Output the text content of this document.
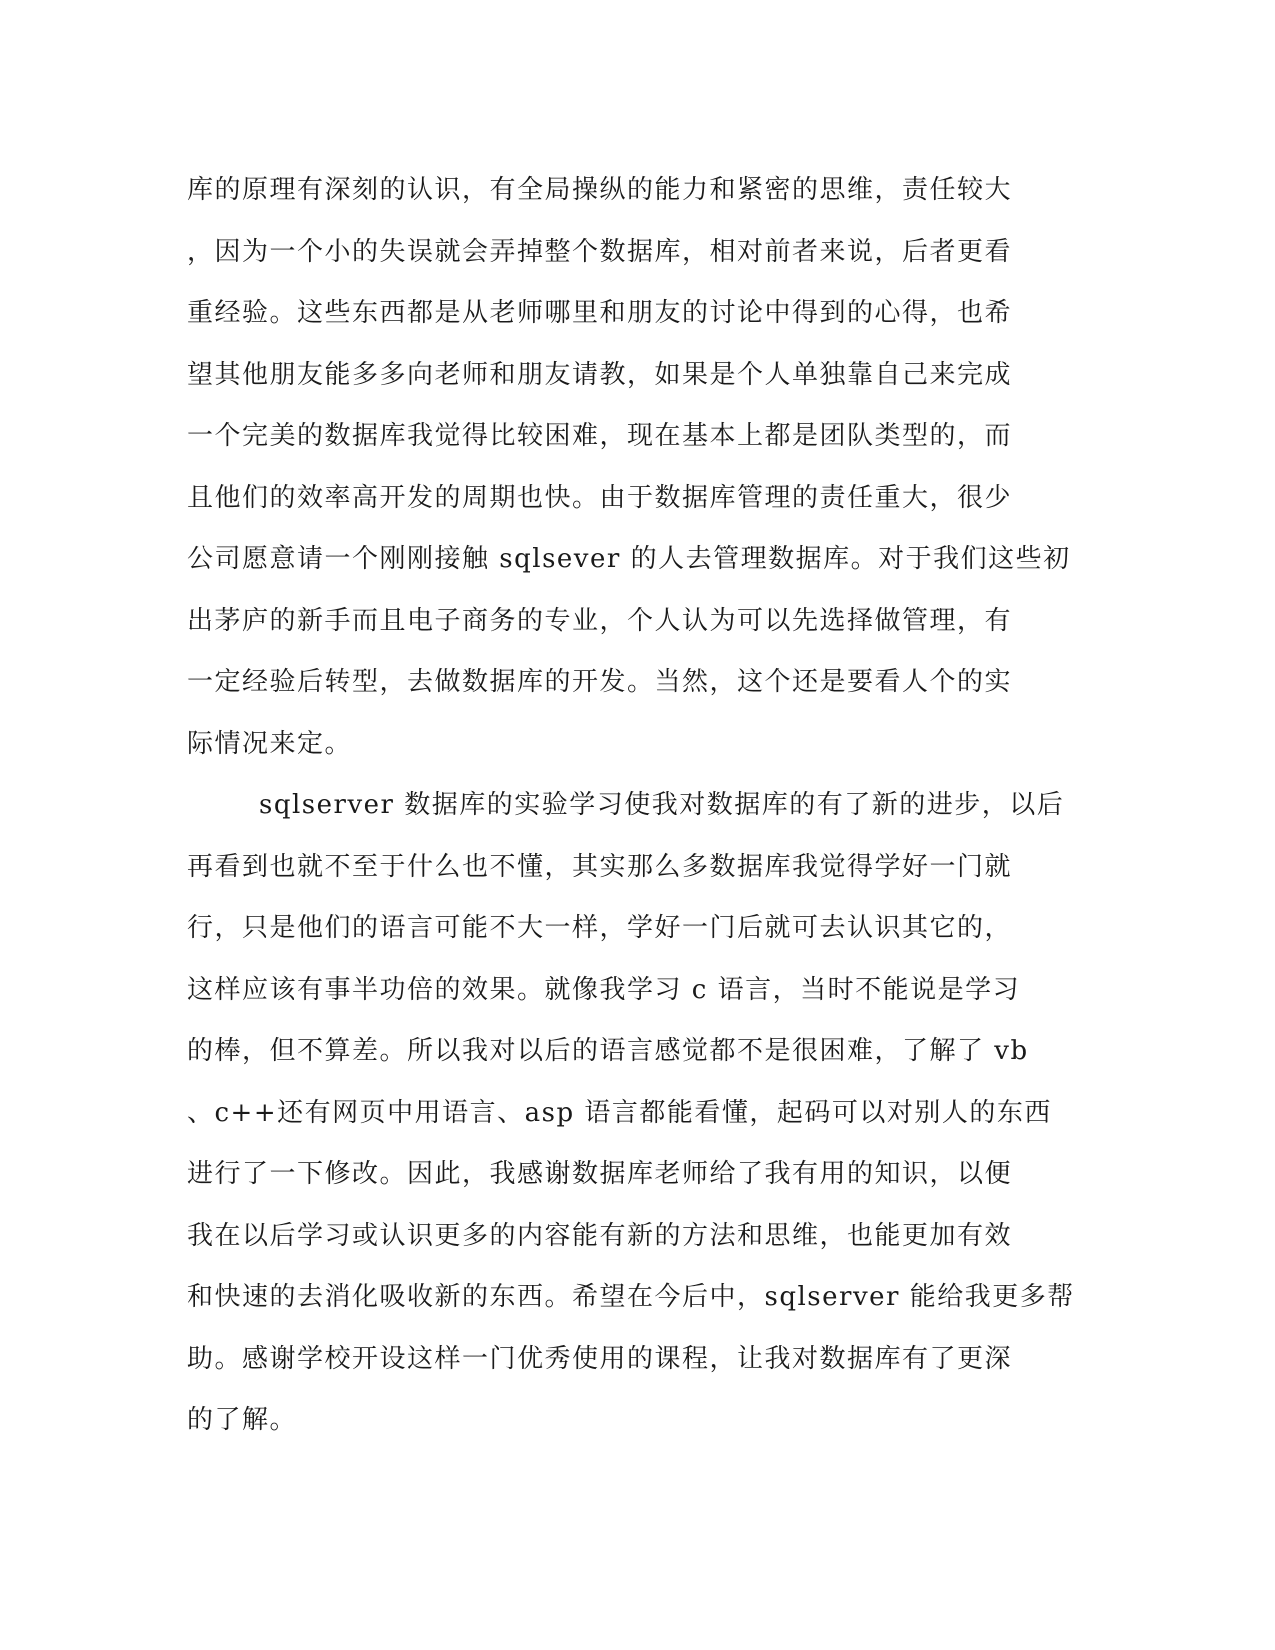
库的原理有深刻的认识，有全局操纵的能力和紧密的思维，责任较大
，因为一个小的失误就会弄掉整个数据库，相对前者来说，后者更看
重经验。这些东西都是从老师哪里和朋友的讨论中得到的心得，也希
望其他朋友能多多向老师和朋友请教，如果是个人单独靠自己来完成
一个完美的数据库我觉得比较困难，现在基本上都是团队类型的，而
且他们的效率高开发的周期也快。由于数据库管理的责任重大，很少
公司愿意请一个刚刚接触 sqlsever 的人去管理数据库。对于我们这些初
出茅庐的新手而且电子商务的专业，个人认为可以先选择做管理，有
一定经验后转型，去做数据库的开发。当然，这个还是要看人个的实
际情况来定。
sqlserver 数据库的实验学习使我对数据库的有了新的进步，以后
再看到也就不至于什么也不懂，其实那么多数据库我觉得学好一门就
行，只是他们的语言可能不大一样，学好一门后就可去认识其它的，
这样应该有事半功倍的效果。就像我学习 c 语言，当时不能说是学习
的棒，但不算差。所以我对以后的语言感觉都不是很困难，了解了 vb
、c++还有网页中用语言、asp 语言都能看懂，起码可以对别人的东西
进行了一下修改。因此，我感谢数据库老师给了我有用的知识，以便
我在以后学习或认识更多的内容能有新的方法和思维，也能更加有效
和快速的去消化吸收新的东西。希望在今后中，sqlserver 能给我更多帮
助。感谢学校开设这样一门优秀使用的课程，让我对数据库有了更深
的了解。
